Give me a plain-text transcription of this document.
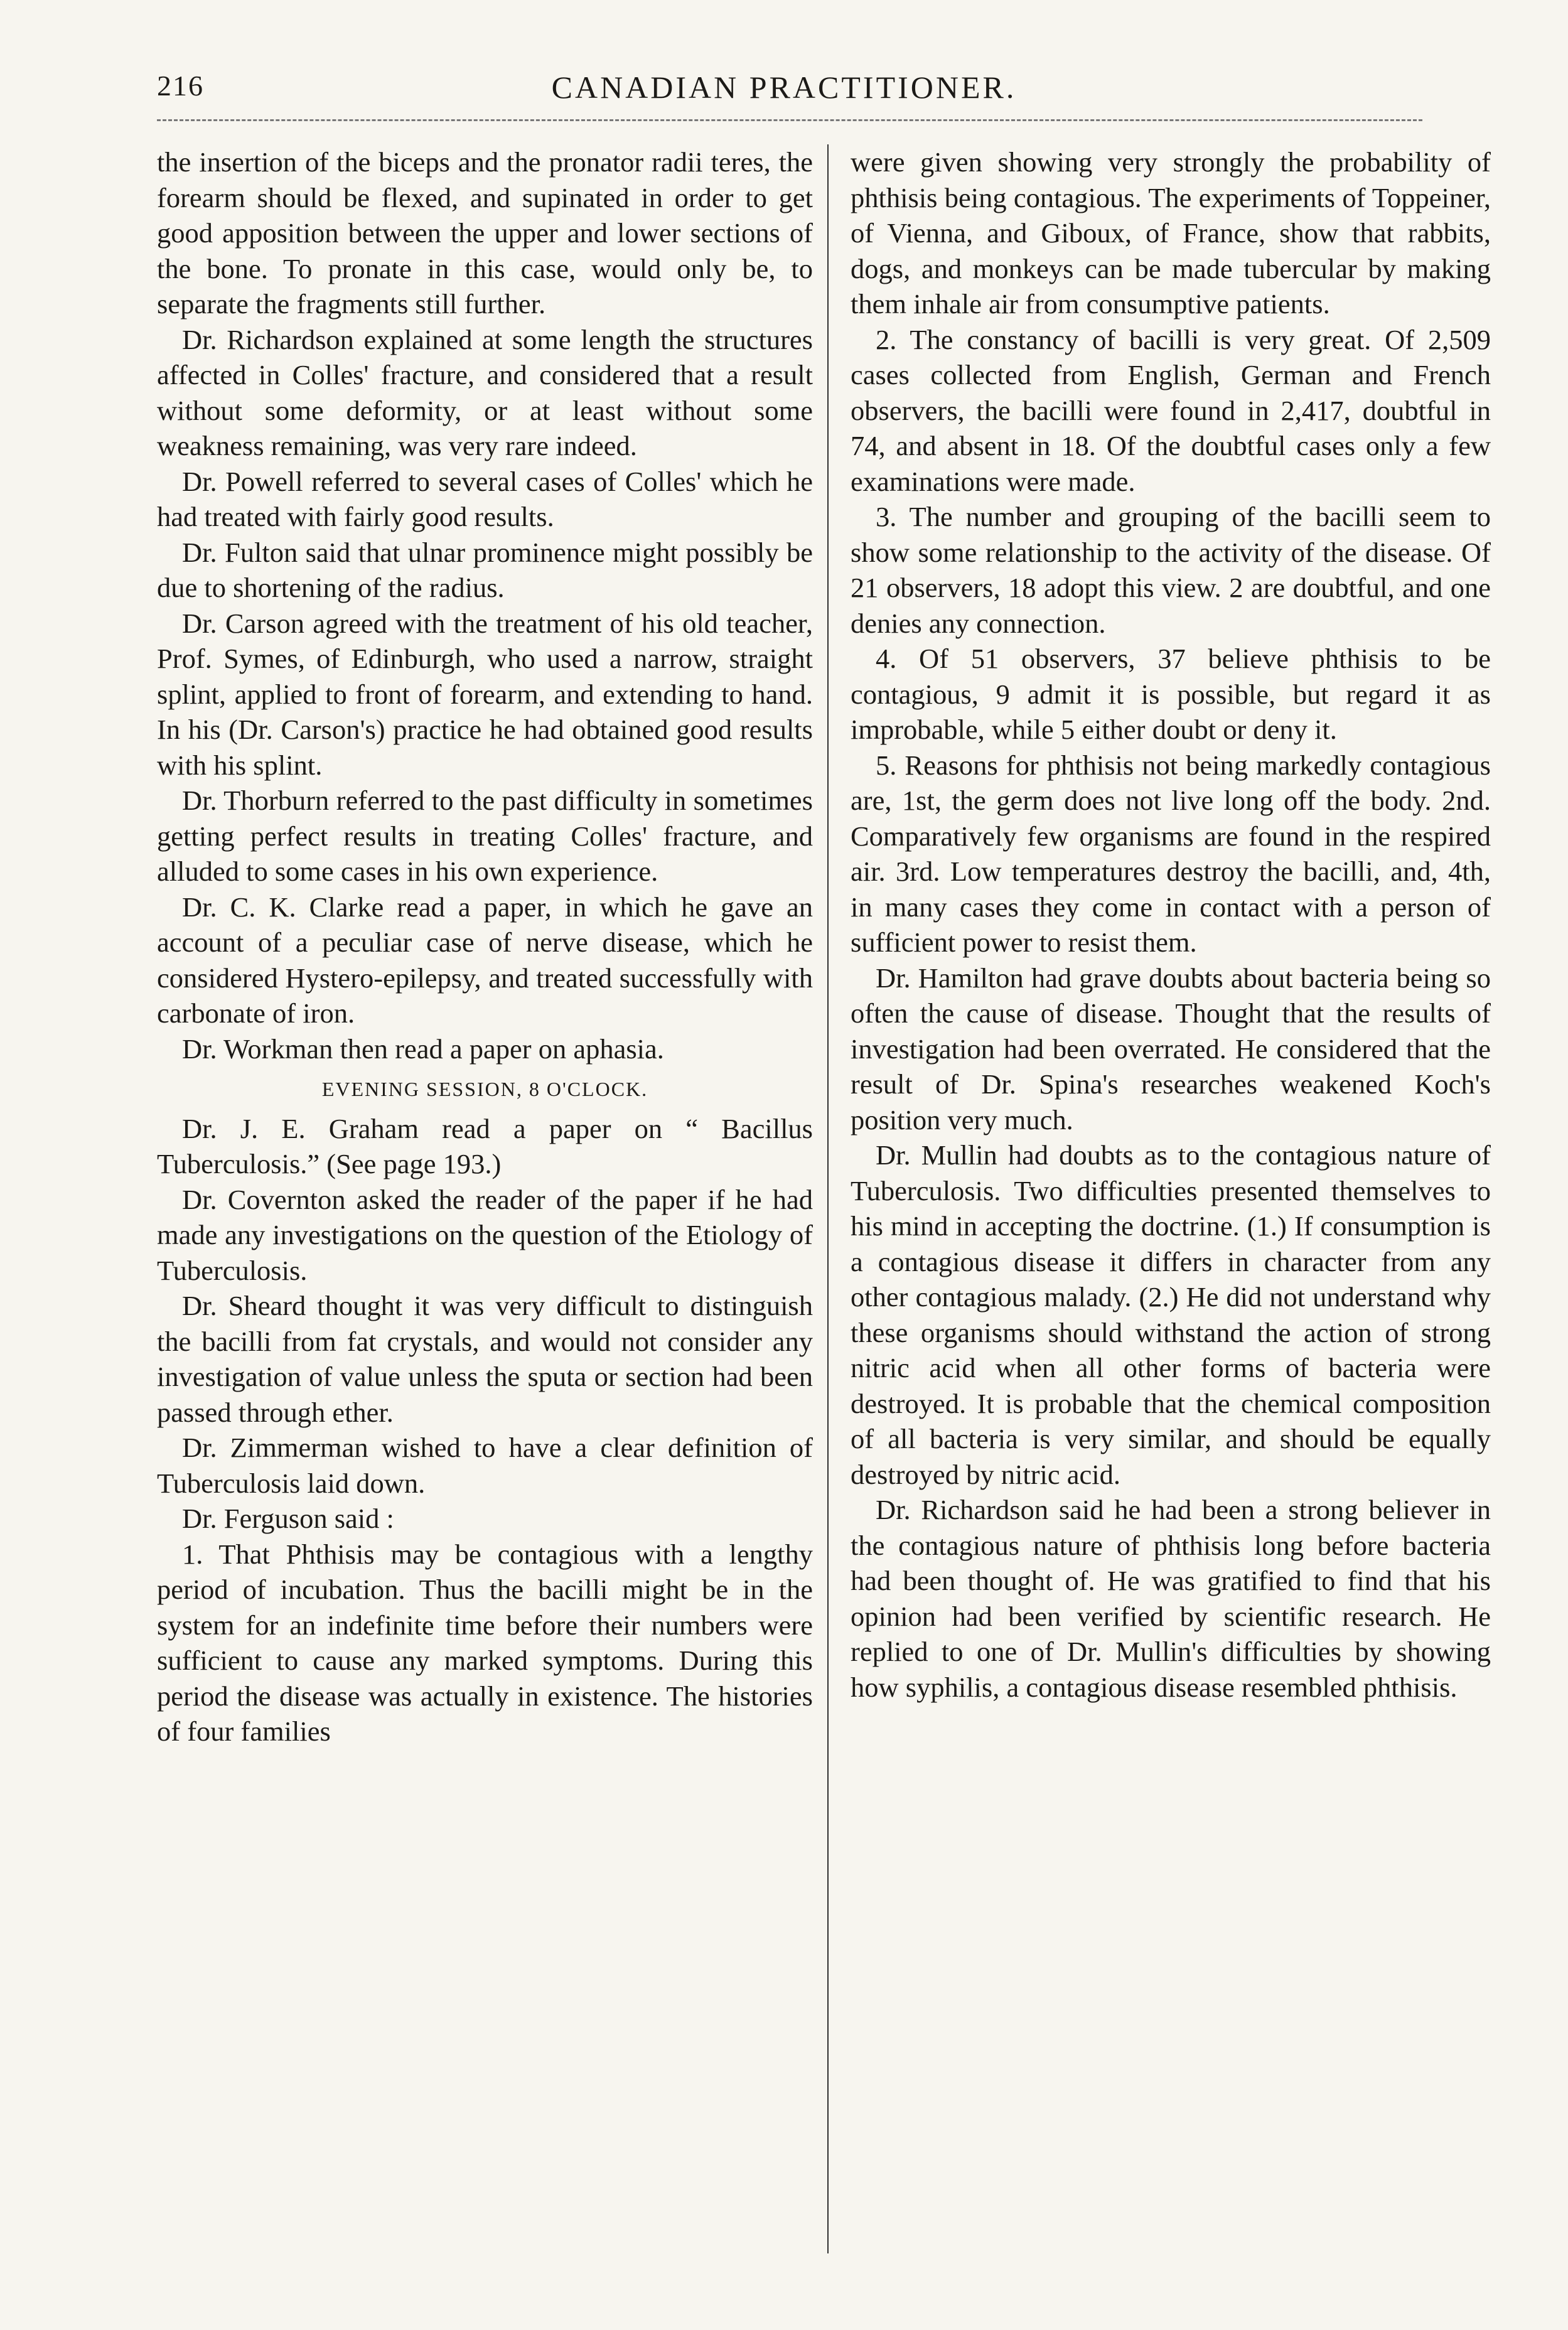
216	CANADIAN PRACTITIONER.

the insertion of the biceps and the pronator radii teres, the forearm should be flexed, and supinated in order to get good apposition between the upper and lower sections of the bone. To pronate in this case, would only be, to separate the fragments still further.

Dr. Richardson explained at some length the structures affected in Colles' fracture, and considered that a result without some deformity, or at least without some weakness remaining, was very rare indeed.

Dr. Powell referred to several cases of Colles' which he had treated with fairly good results.

Dr. Fulton said that ulnar prominence might possibly be due to shortening of the radius.

Dr. Carson agreed with the treatment of his old teacher, Prof. Symes, of Edinburgh, who used a narrow, straight splint, applied to front of forearm, and extending to hand. In his (Dr. Carson's) practice he had obtained good results with his splint.

Dr. Thorburn referred to the past difficulty in sometimes getting perfect results in treating Colles' fracture, and alluded to some cases in his own experience.

Dr. C. K. Clarke read a paper, in which he gave an account of a peculiar case of nerve disease, which he considered Hystero-epilepsy, and treated successfully with carbonate of iron.

Dr. Workman then read a paper on aphasia.

EVENING SESSION, 8 O'CLOCK.

Dr. J. E. Graham read a paper on “ Bacillus Tuberculosis.” (See page 193.)

Dr. Covernton asked the reader of the paper if he had made any investigations on the question of the Etiology of Tuberculosis.

Dr. Sheard thought it was very difficult to distinguish the bacilli from fat crystals, and would not consider any investigation of value unless the sputa or section had been passed through ether.

Dr. Zimmerman wished to have a clear definition of Tuberculosis laid down.

Dr. Ferguson said :

1. That Phthisis may be contagious with a lengthy period of incubation. Thus the bacilli might be in the system for an indefinite time before their numbers were sufficient to cause any marked symptoms. During this period the disease was actually in existence. The histories of four families

were given showing very strongly the probability of phthisis being contagious. The experiments of Toppeiner, of Vienna, and Giboux, of France, show that rabbits, dogs, and monkeys can be made tubercular by making them inhale air from consumptive patients.

2. The constancy of bacilli is very great. Of 2,509 cases collected from English, German and French observers, the bacilli were found in 2,417, doubtful in 74, and absent in 18. Of the doubtful cases only a few examinations were made.

3. The number and grouping of the bacilli seem to show some relationship to the activity of the disease. Of 21 observers, 18 adopt this view. 2 are doubtful, and one denies any connection.

4. Of 51 observers, 37 believe phthisis to be contagious, 9 admit it is possible, but regard it as improbable, while 5 either doubt or deny it.

5. Reasons for phthisis not being markedly contagious are, 1st, the germ does not live long off the body. 2nd. Comparatively few organisms are found in the respired air. 3rd. Low temperatures destroy the bacilli, and, 4th, in many cases they come in contact with a person of sufficient power to resist them.

Dr. Hamilton had grave doubts about bacteria being so often the cause of disease. Thought that the results of investigation had been overrated. He considered that the result of Dr. Spina's researches weakened Koch's position very much.

Dr. Mullin had doubts as to the contagious nature of Tuberculosis. Two difficulties presented themselves to his mind in accepting the doctrine. (1.) If consumption is a contagious disease it differs in character from any other contagious malady. (2.) He did not understand why these organisms should withstand the action of strong nitric acid when all other forms of bacteria were destroyed. It is probable that the chemical composition of all bacteria is very similar, and should be equally destroyed by nitric acid.

Dr. Richardson said he had been a strong believer in the contagious nature of phthisis long before bacteria had been thought of. He was gratified to find that his opinion had been verified by scientific research. He replied to one of Dr. Mullin's difficulties by showing how syphilis, a contagious disease resembled phthisis.
